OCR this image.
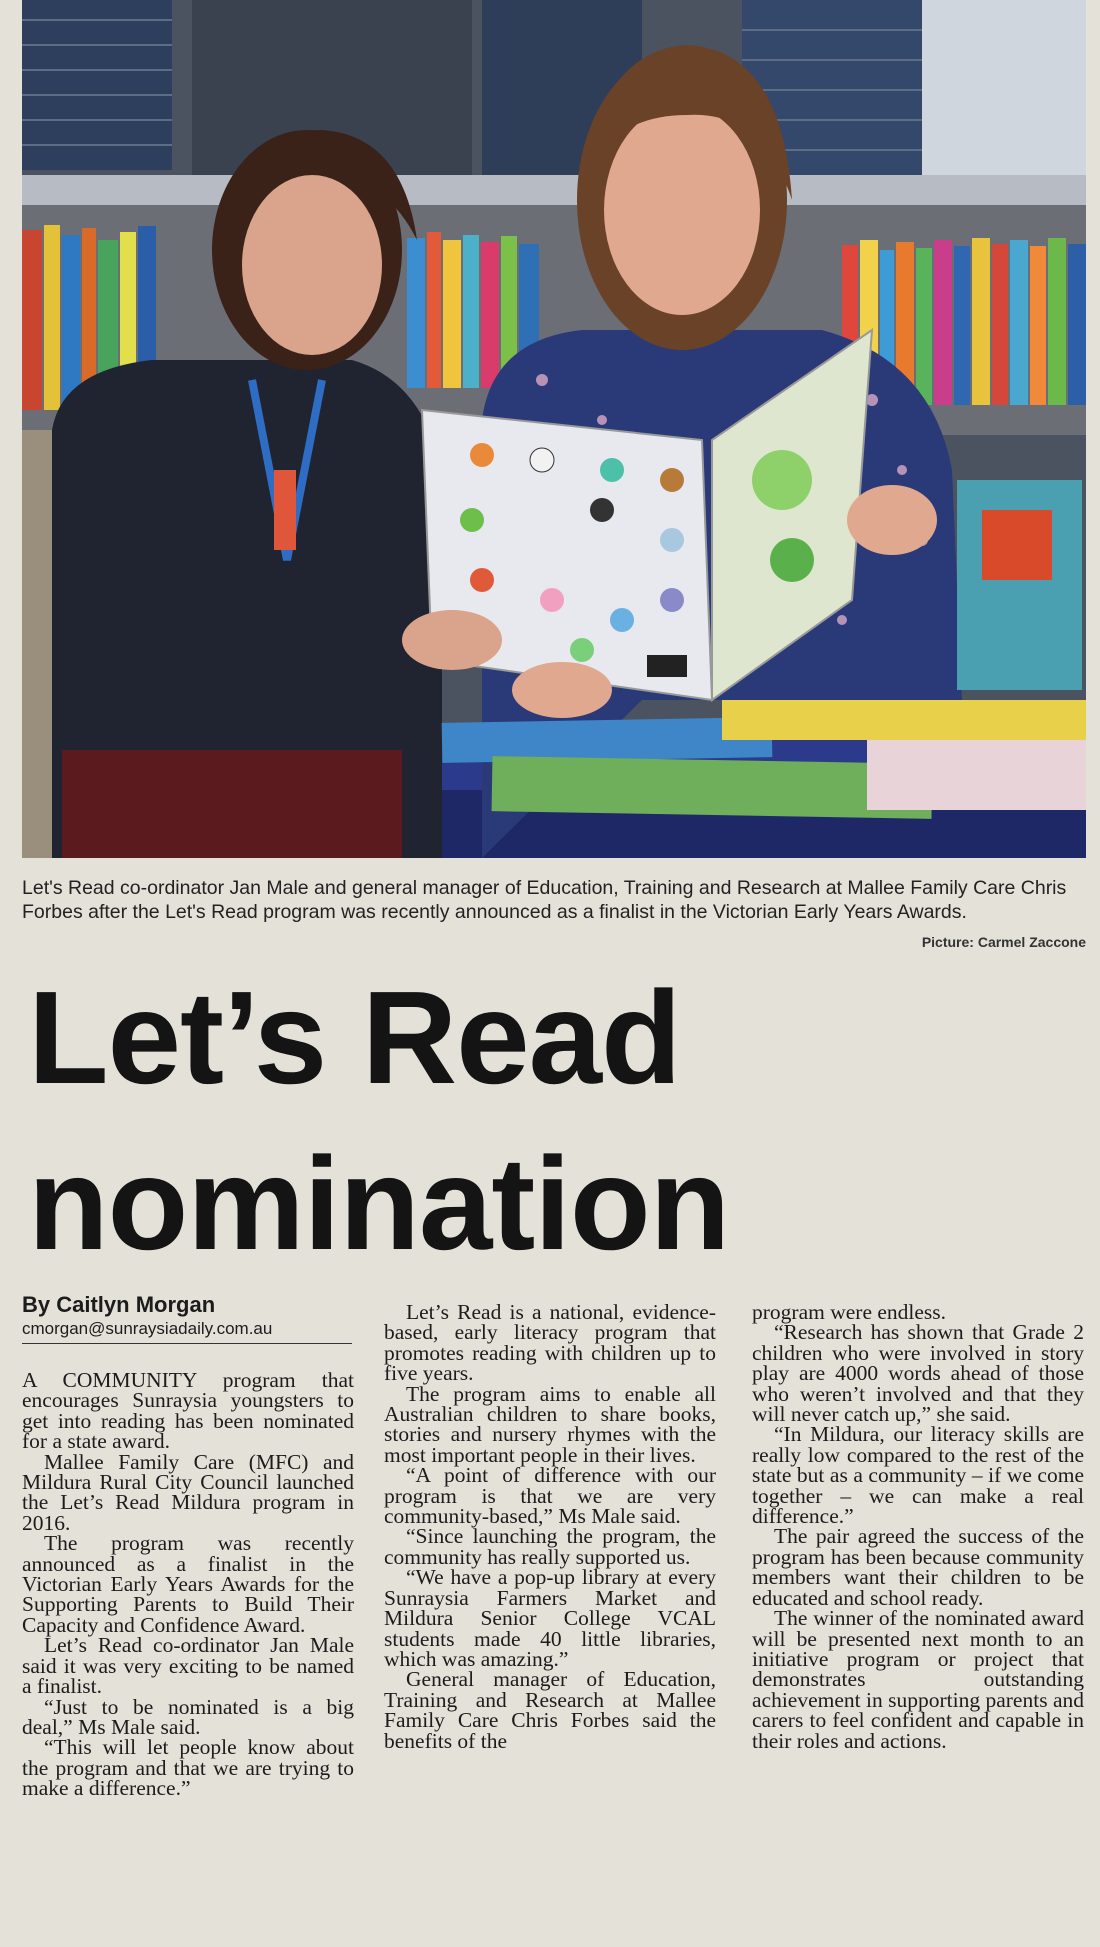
Let's Read co-ordinator Jan Male and general manager of Education, Training and Research at Mallee Family Care Chris Forbes after the Let's Read program was recently announced as a finalist in the Victorian Early Years Awards.
Picture: Carmel Zaccone
Let’s Read
nomination
By Caitlyn Morgan
cmorgan@sunraysiadaily.com.au

A COMMUNITY program that encourages Sunraysia youngsters to get into reading has been nominated for a state award.

Mallee Family Care (MFC) and Mildura Rural City Council launched the Let’s Read Mildura program in 2016.

The program was recently announced as a finalist in the Victorian Early Years Awards for the Supporting Parents to Build Their Capacity and Confidence Award.

Let’s Read co-ordinator Jan Male said it was very exciting to be named a finalist.

“Just to be nominated is a big deal,” Ms Male said.

“This will let people know about the program and that we are trying to make a difference.”

Let’s Read is a national, evidence-based, early literacy program that promotes reading with children up to five years.

The program aims to enable all Australian children to share books, stories and nursery rhymes with the most important people in their lives.

“A point of difference with our program is that we are very community-based,” Ms Male said.

“Since launching the program, the community has really supported us.

“We have a pop-up library at every Sunraysia Farmers Market and Mildura Senior College VCAL students made 40 little libraries, which was amazing.”

General manager of Education, Training and Research at Mallee Family Care Chris Forbes said the benefits of the

program were endless.

“Research has shown that Grade 2 children who were involved in story play are 4000 words ahead of those who weren’t involved and that they will never catch up,” she said.

“In Mildura, our literacy skills are really low compared to the rest of the state but as a community – if we come together – we can make a real difference.”

The pair agreed the success of the program has been because community members want their children to be educated and school ready.

The winner of the nominated award will be presented next month to an initiative program or project that demonstrates outstanding achievement in supporting parents and carers to feel confident and capable in their roles and actions.
